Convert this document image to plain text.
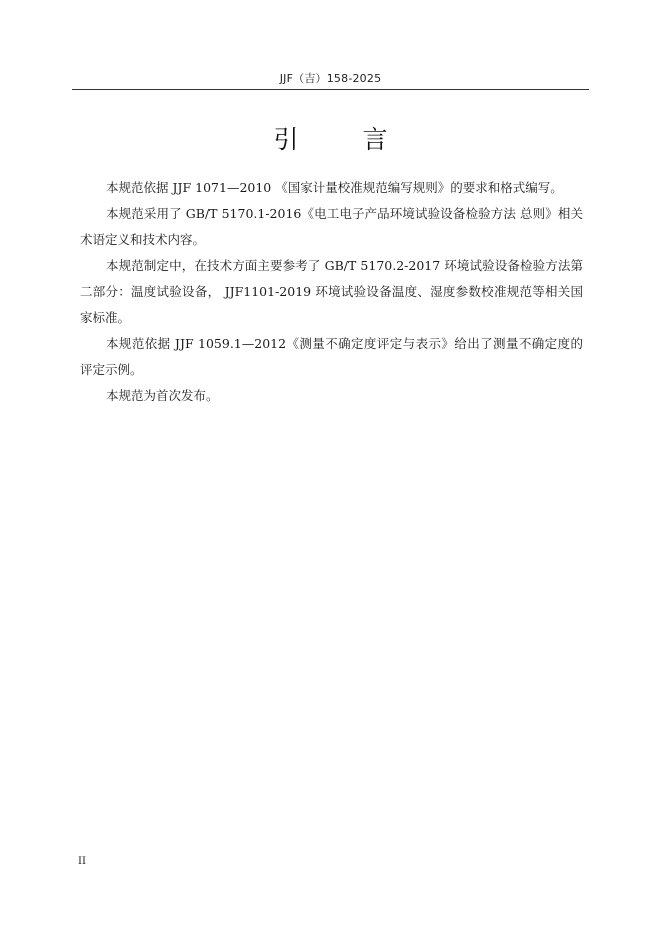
JJF（吉）158-2025
引 言

本规范依据 JJF 1071—2010 《国家计量校准规范编写规则》的要求和格式编写。

本规范采用了 GB/T 5170.1-2016《电工电子产品环境试验设备检验方法 总则》相关术语定义和技术内容。

本规范制定中，在技术方面主要参考了 GB/T 5170.2-2017 环境试验设备检验方法第二部分：温度试验设备， JJF1101-2019 环境试验设备温度、湿度参数校准规范等相关国家标准。

本规范依据 JJF 1059.1—2012《测量不确定度评定与表示》给出了测量不确定度的评定示例。

本规范为首次发布。

II
